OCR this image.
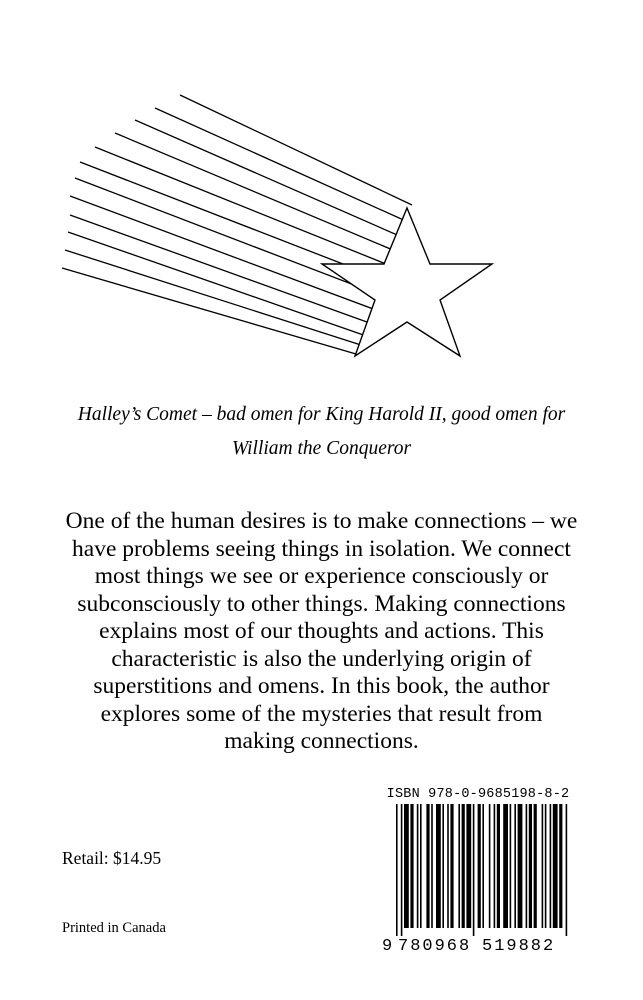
Halley’s Comet – bad omen for King Harold II, good omen for
William the Conqueror
One of the human desires is to make connections – we
have problems seeing things in isolation. We connect
most things we see or experience consciously or
subconsciously to other things. Making connections
explains most of our thoughts and actions. This
characteristic is also the underlying origin of
superstitions and omens. In this book, the author
explores some of the mysteries that result from
making connections.
Retail: $14.95
Printed in Canada
ISBN 978-0-9685198-8-2
9 780968 519882
